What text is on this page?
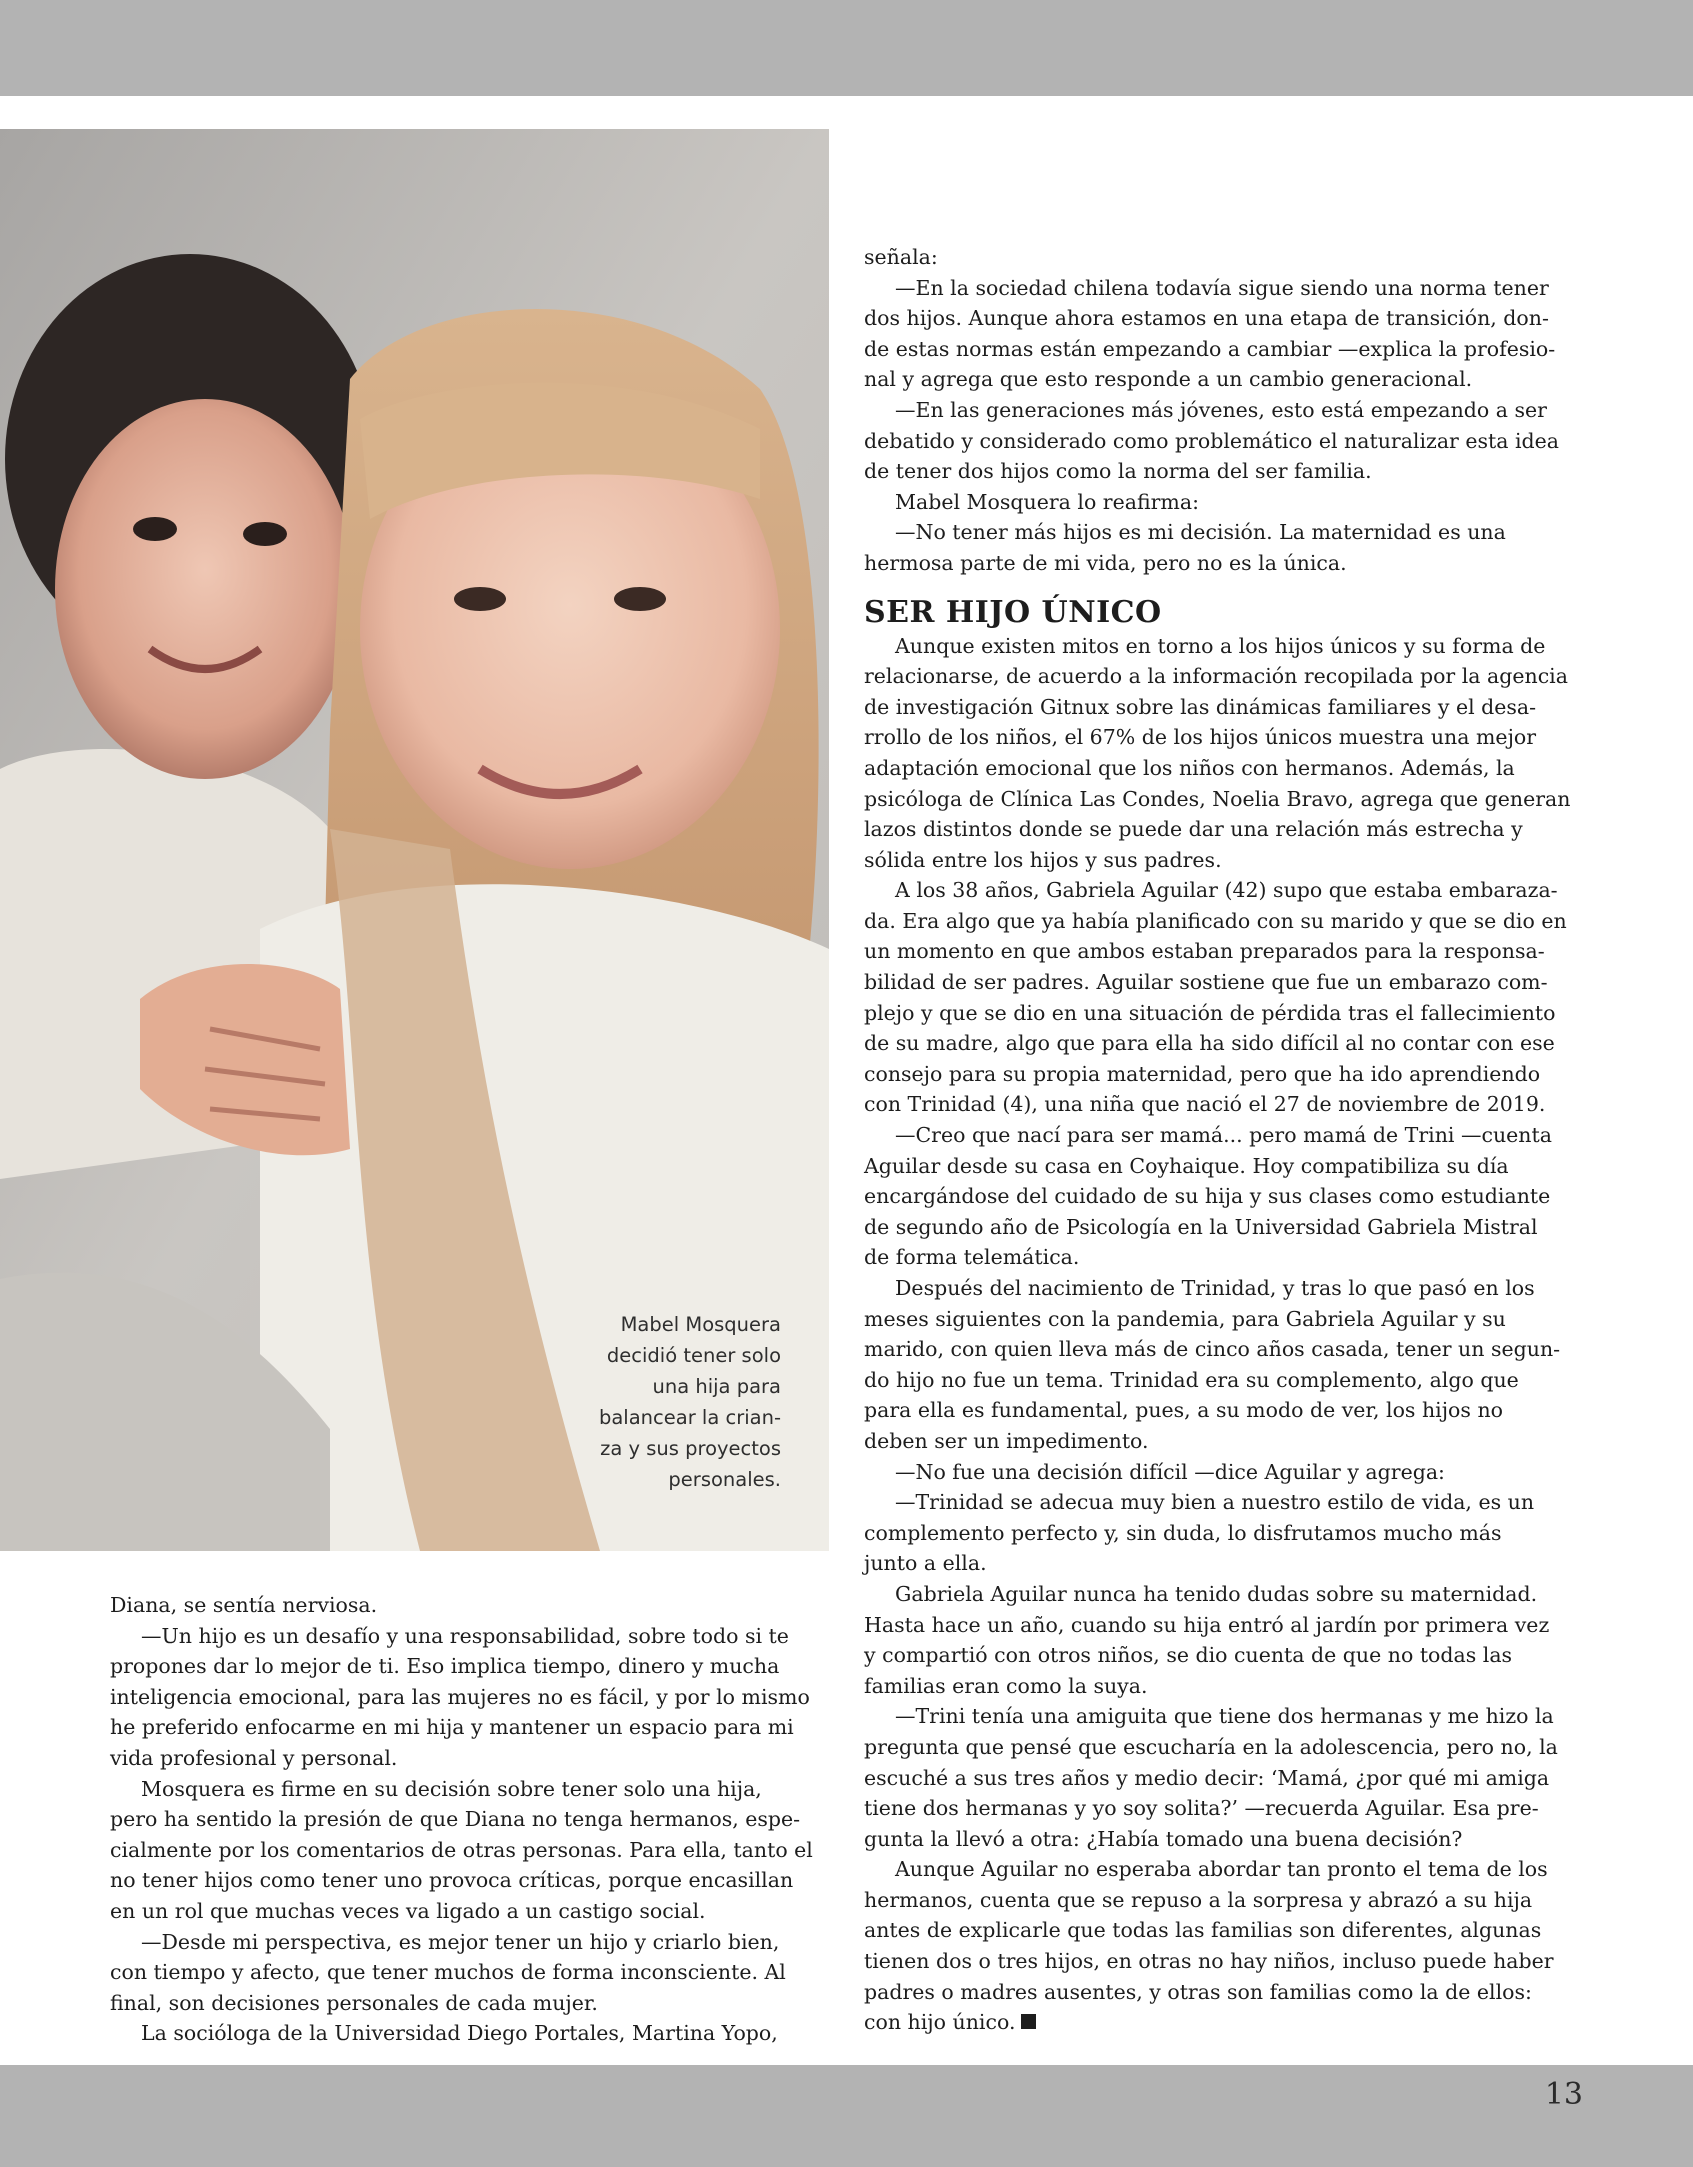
Mabel Mosquera
decidió tener solo
una hija para
balancear la crian-
za y sus proyectos
personales.

Diana, se sentía nerviosa.

—Un hijo es un desafío y una responsabilidad, sobre todo si te

propones dar lo mejor de ti. Eso implica tiempo, dinero y mucha

inteligencia emocional, para las mujeres no es fácil, y por lo mismo

he preferido enfocarme en mi hija y mantener un espacio para mi

vida profesional y personal.

Mosquera es firme en su decisión sobre tener solo una hija,

pero ha sentido la presión de que Diana no tenga hermanos, espe-

cialmente por los comentarios de otras personas. Para ella, tanto el

no tener hijos como tener uno provoca críticas, porque encasillan

en un rol que muchas veces va ligado a un castigo social.

—Desde mi perspectiva, es mejor tener un hijo y criarlo bien,

con tiempo y afecto, que tener muchos de forma inconsciente. Al

final, son decisiones personales de cada mujer.

La socióloga de la Universidad Diego Portales, Martina Yopo,

señala:

—En la sociedad chilena todavía sigue siendo una norma tener

dos hijos. Aunque ahora estamos en una etapa de transición, don-

de estas normas están empezando a cambiar —explica la profesio-

nal y agrega que esto responde a un cambio generacional.

—En las generaciones más jóvenes, esto está empezando a ser

debatido y considerado como problemático el naturalizar esta idea

de tener dos hijos como la norma del ser familia.

Mabel Mosquera lo reafirma:

—No tener más hijos es mi decisión. La maternidad es una

hermosa parte de mi vida, pero no es la única.

SER HIJO ÚNICO

Aunque existen mitos en torno a los hijos únicos y su forma de

relacionarse, de acuerdo a la información recopilada por la agencia

de investigación Gitnux sobre las dinámicas familiares y el desa-

rrollo de los niños, el 67% de los hijos únicos muestra una mejor

adaptación emocional que los niños con hermanos. Además, la

psicóloga de Clínica Las Condes, Noelia Bravo, agrega que generan

lazos distintos donde se puede dar una relación más estrecha y

sólida entre los hijos y sus padres.

A los 38 años, Gabriela Aguilar (42) supo que estaba embaraza-

da. Era algo que ya había planificado con su marido y que se dio en

un momento en que ambos estaban preparados para la responsa-

bilidad de ser padres. Aguilar sostiene que fue un embarazo com-

plejo y que se dio en una situación de pérdida tras el fallecimiento

de su madre, algo que para ella ha sido difícil al no contar con ese

consejo para su propia maternidad, pero que ha ido aprendiendo

con Trinidad (4), una niña que nació el 27 de noviembre de 2019.

—Creo que nací para ser mamá... pero mamá de Trini —cuenta

Aguilar desde su casa en Coyhaique. Hoy compatibiliza su día

encargándose del cuidado de su hija y sus clases como estudiante

de segundo año de Psicología en la Universidad Gabriela Mistral

de forma telemática.

Después del nacimiento de Trinidad, y tras lo que pasó en los

meses siguientes con la pandemia, para Gabriela Aguilar y su

marido, con quien lleva más de cinco años casada, tener un segun-

do hijo no fue un tema. Trinidad era su complemento, algo que

para ella es fundamental, pues, a su modo de ver, los hijos no

deben ser un impedimento.

—No fue una decisión difícil —dice Aguilar y agrega:

—Trinidad se adecua muy bien a nuestro estilo de vida, es un

complemento perfecto y, sin duda, lo disfrutamos mucho más

junto a ella.

Gabriela Aguilar nunca ha tenido dudas sobre su maternidad.

Hasta hace un año, cuando su hija entró al jardín por primera vez

y compartió con otros niños, se dio cuenta de que no todas las

familias eran como la suya.

—Trini tenía una amiguita que tiene dos hermanas y me hizo la

pregunta que pensé que escucharía en la adolescencia, pero no, la

escuché a sus tres años y medio decir: ‘Mamá, ¿por qué mi amiga

tiene dos hermanas y yo soy solita?’ —recuerda Aguilar. Esa pre-

gunta la llevó a otra: ¿Había tomado una buena decisión?

Aunque Aguilar no esperaba abordar tan pronto el tema de los

hermanos, cuenta que se repuso a la sorpresa y abrazó a su hija

antes de explicarle que todas las familias son diferentes, algunas

tienen dos o tres hijos, en otras no hay niños, incluso puede haber

padres o madres ausentes, y otras son familias como la de ellos:

con hijo único.

13
